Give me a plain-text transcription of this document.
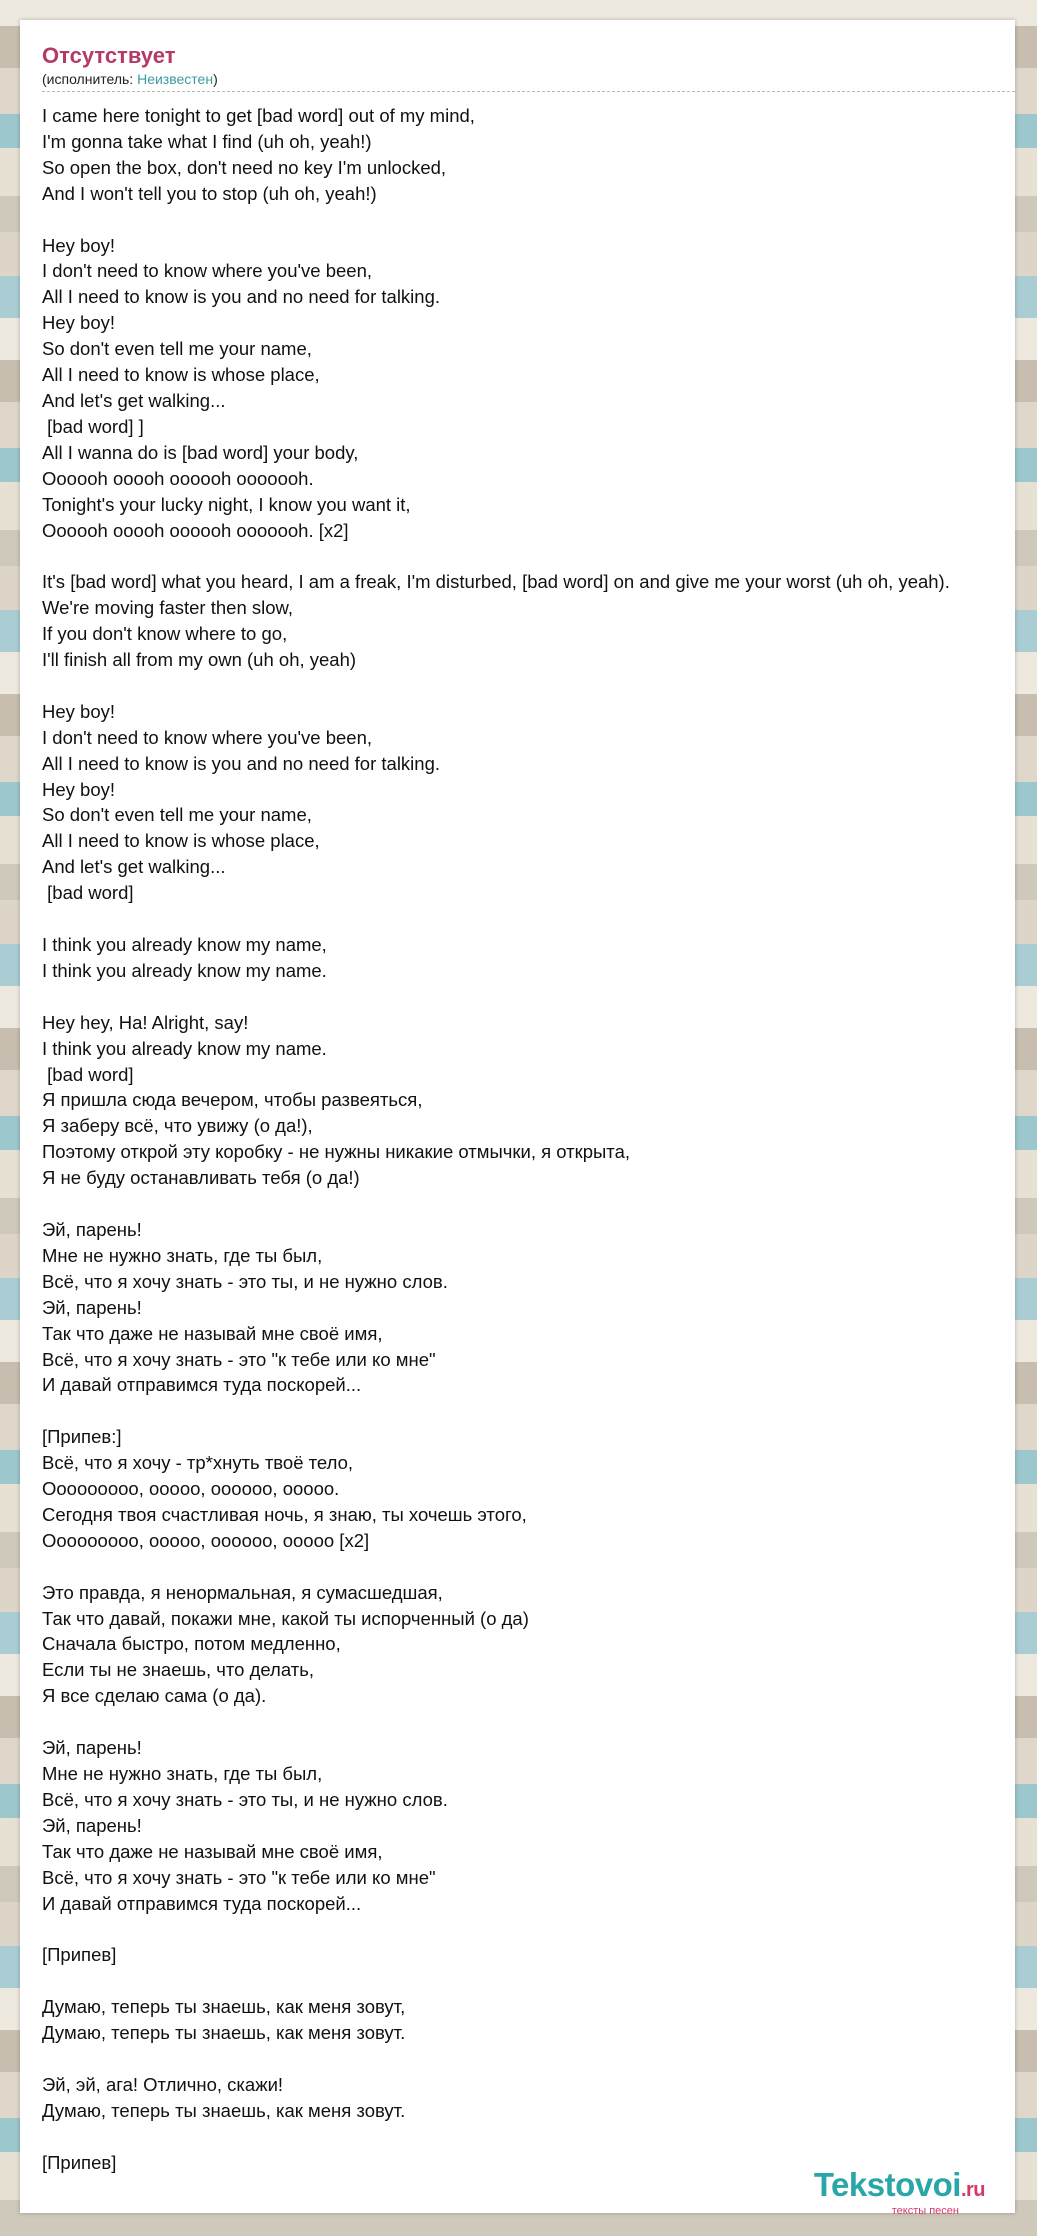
Отсутствует
(исполнитель: Неизвестен)
I came here tonight to get [bad word] out of my mind,
I'm gonna take what I find (uh oh, yeah!)
So open the box, don't need no key I'm unlocked,
And I won't tell you to stop (uh oh, yeah!)

Hey boy!
I don't need to know where you've been,
All I need to know is you and no need for talking.
Hey boy!
So don't even tell me your name,
All I need to know is whose place,
And let's get walking...
[bad word] ]
All I wanna do is [bad word] your body,
Oooooh ooooh oooooh ooooooh.
Tonight's your lucky night, I know you want it,
Oooooh ooooh oooooh ooooooh. [x2]

It's [bad word] what you heard, I am a freak, I'm disturbed, [bad word] on and give me your worst (uh oh, yeah).
We're moving faster then slow,
If you don't know where to go,
I'll finish all from my own (uh oh, yeah)

Hey boy!
I don't need to know where you've been,
All I need to know is you and no need for talking.
Hey boy!
So don't even tell me your name,
All I need to know is whose place,
And let's get walking...
[bad word]

I think you already know my name,
I think you already know my name.

Hey hey, Ha! Alright, say!
I think you already know my name.
[bad word]
Я пришла сюда вечером, чтобы развеяться,
Я заберу всё, что увижу (о да!),
Поэтому открой эту коробку - не нужны никакие отмычки, я открыта,
Я не буду останавливать тебя (о да!)

Эй, парень!
Мне не нужно знать, где ты был,
Всё, что я хочу знать - это ты, и не нужно слов.
Эй, парень!
Так что даже не называй мне своё имя,
Всё, что я хочу знать - это "к тебе или ко мне"
И давай отправимся туда поскорей...

[Припев:]
Всё, что я хочу - тр*хнуть твоё тело,
Ооооооооо, ооооо, оооооо, ооооо.
Сегодня твоя счастливая ночь, я знаю, ты хочешь этого,
Ооооооооо, ооооо, оооооо, ооооо [x2]

Это правда, я ненормальная, я сумасшедшая,
Так что давай, покажи мне, какой ты испорченный (о да)
Сначала быстро, потом медленно,
Если ты не знаешь, что делать,
Я все сделаю сама (о да).

Эй, парень!
Мне не нужно знать, где ты был,
Всё, что я хочу знать - это ты, и не нужно слов.
Эй, парень!
Так что даже не называй мне своё имя,
Всё, что я хочу знать - это "к тебе или ко мне"
И давай отправимся туда поскорей...

[Припев]

Думаю, теперь ты знаешь, как меня зовут,
Думаю, теперь ты знаешь, как меня зовут.

Эй, эй, ага! Отлично, скажи!
Думаю, теперь ты знаешь, как меня зовут.

[Припев]
Tekstovoi.ru
тексты песен
